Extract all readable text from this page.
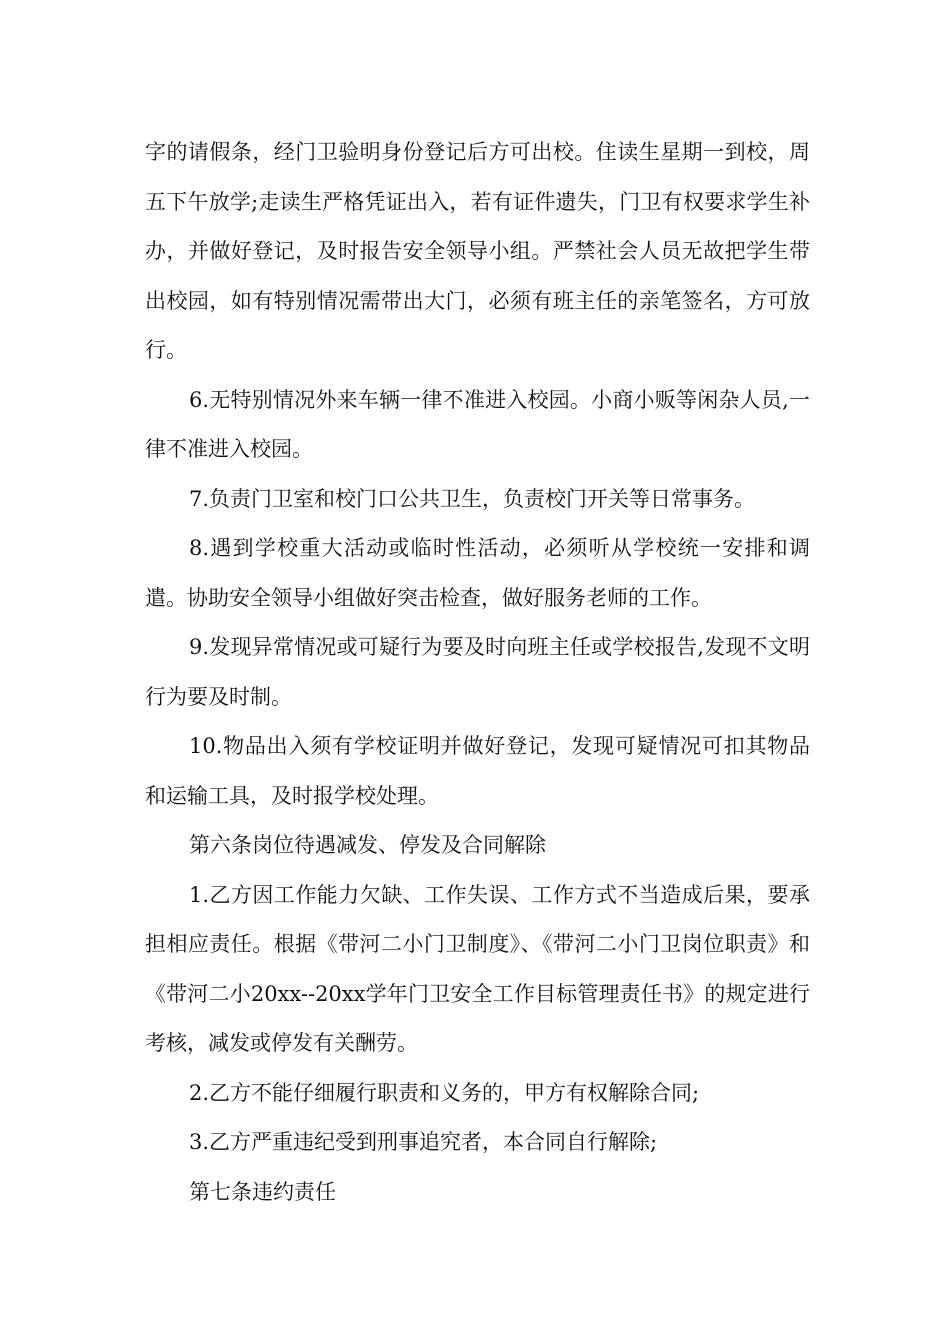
字的请假条，经门卫验明身份登记后方可出校。住读生星期一到校，周五下午放学;走读生严格凭证出入，若有证件遗失，门卫有权要求学生补办，并做好登记，及时报告安全领导小组。严禁社会人员无故把学生带出校园，如有特别情况需带出大门，必须有班主任的亲笔签名，方可放行。

6.无特别情况外来车辆一律不准进入校园。小商小贩等闲杂人员,一律不准进入校园。

7.负责门卫室和校门口公共卫生，负责校门开关等日常事务。

8.遇到学校重大活动或临时性活动，必须听从学校统一安排和调遣。协助安全领导小组做好突击检查，做好服务老师的工作。

9.发现异常情况或可疑行为要及时向班主任或学校报告,发现不文明行为要及时制。

10.物品出入须有学校证明并做好登记，发现可疑情况可扣其物品和运输工具，及时报学校处理。

第六条岗位待遇减发、停发及合同解除

1.乙方因工作能力欠缺、工作失误、工作方式不当造成后果，要承担相应责任。根据《带河二小门卫制度》、《带河二小门卫岗位职责》和《带河二小20xx--20xx学年门卫安全工作目标管理责任书》的规定进行考核，减发或停发有关酬劳。

2.乙方不能仔细履行职责和义务的，甲方有权解除合同;

3.乙方严重违纪受到刑事追究者，本合同自行解除;

第七条违约责任
